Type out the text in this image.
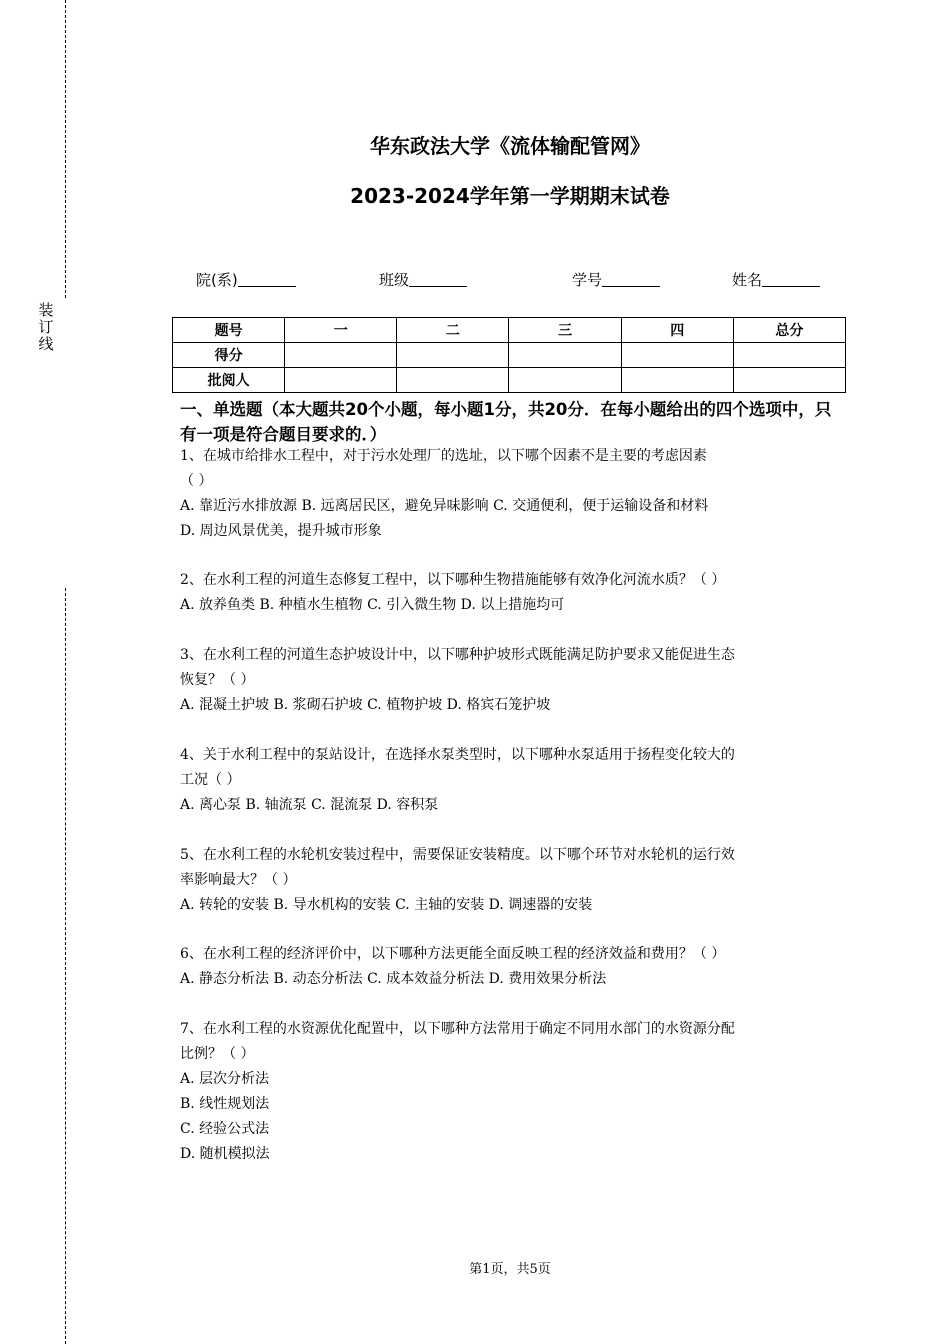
装
订
线
华东政法大学《流体输配管网》
2023-2024学年第一学期期末试卷
院(系)	班级	学号	姓名
题号	一	二	三	四	总分
得分					
批阅人					
一、单选题（本大题共20个小题，每小题1分，共20分．在每小题给出的四个选项中，只有一项是符合题目要求的．）

1、在城市给排水工程中，对于污水处理厂的选址，以下哪个因素不是主要的考虑因素

（ ）

A. 靠近污水排放源 B. 远离居民区，避免异味影响 C. 交通便利，便于运输设备和材料

D. 周边风景优美，提升城市形象

2、在水利工程的河道生态修复工程中，以下哪种生物措施能够有效净化河流水质？（ ）

A. 放养鱼类 B. 种植水生植物 C. 引入微生物 D. 以上措施均可

3、在水利工程的河道生态护坡设计中，以下哪种护坡形式既能满足防护要求又能促进生态

恢复？（ ）

A. 混凝土护坡 B. 浆砌石护坡 C. 植物护坡 D. 格宾石笼护坡

4、关于水利工程中的泵站设计，在选择水泵类型时，以下哪种水泵适用于扬程变化较大的

工况（ ）

A. 离心泵 B. 轴流泵 C. 混流泵 D. 容积泵

5、在水利工程的水轮机安装过程中，需要保证安装精度。以下哪个环节对水轮机的运行效

率影响最大？（ ）

A. 转轮的安装 B. 导水机构的安装 C. 主轴的安装 D. 调速器的安装

6、在水利工程的经济评价中，以下哪种方法更能全面反映工程的经济效益和费用？（ ）

A. 静态分析法 B. 动态分析法 C. 成本效益分析法 D. 费用效果分析法

7、在水利工程的水资源优化配置中，以下哪种方法常用于确定不同用水部门的水资源分配

比例？（ ）

A. 层次分析法

B. 线性规划法

C. 经验公式法

D. 随机模拟法

第1页，共5页
